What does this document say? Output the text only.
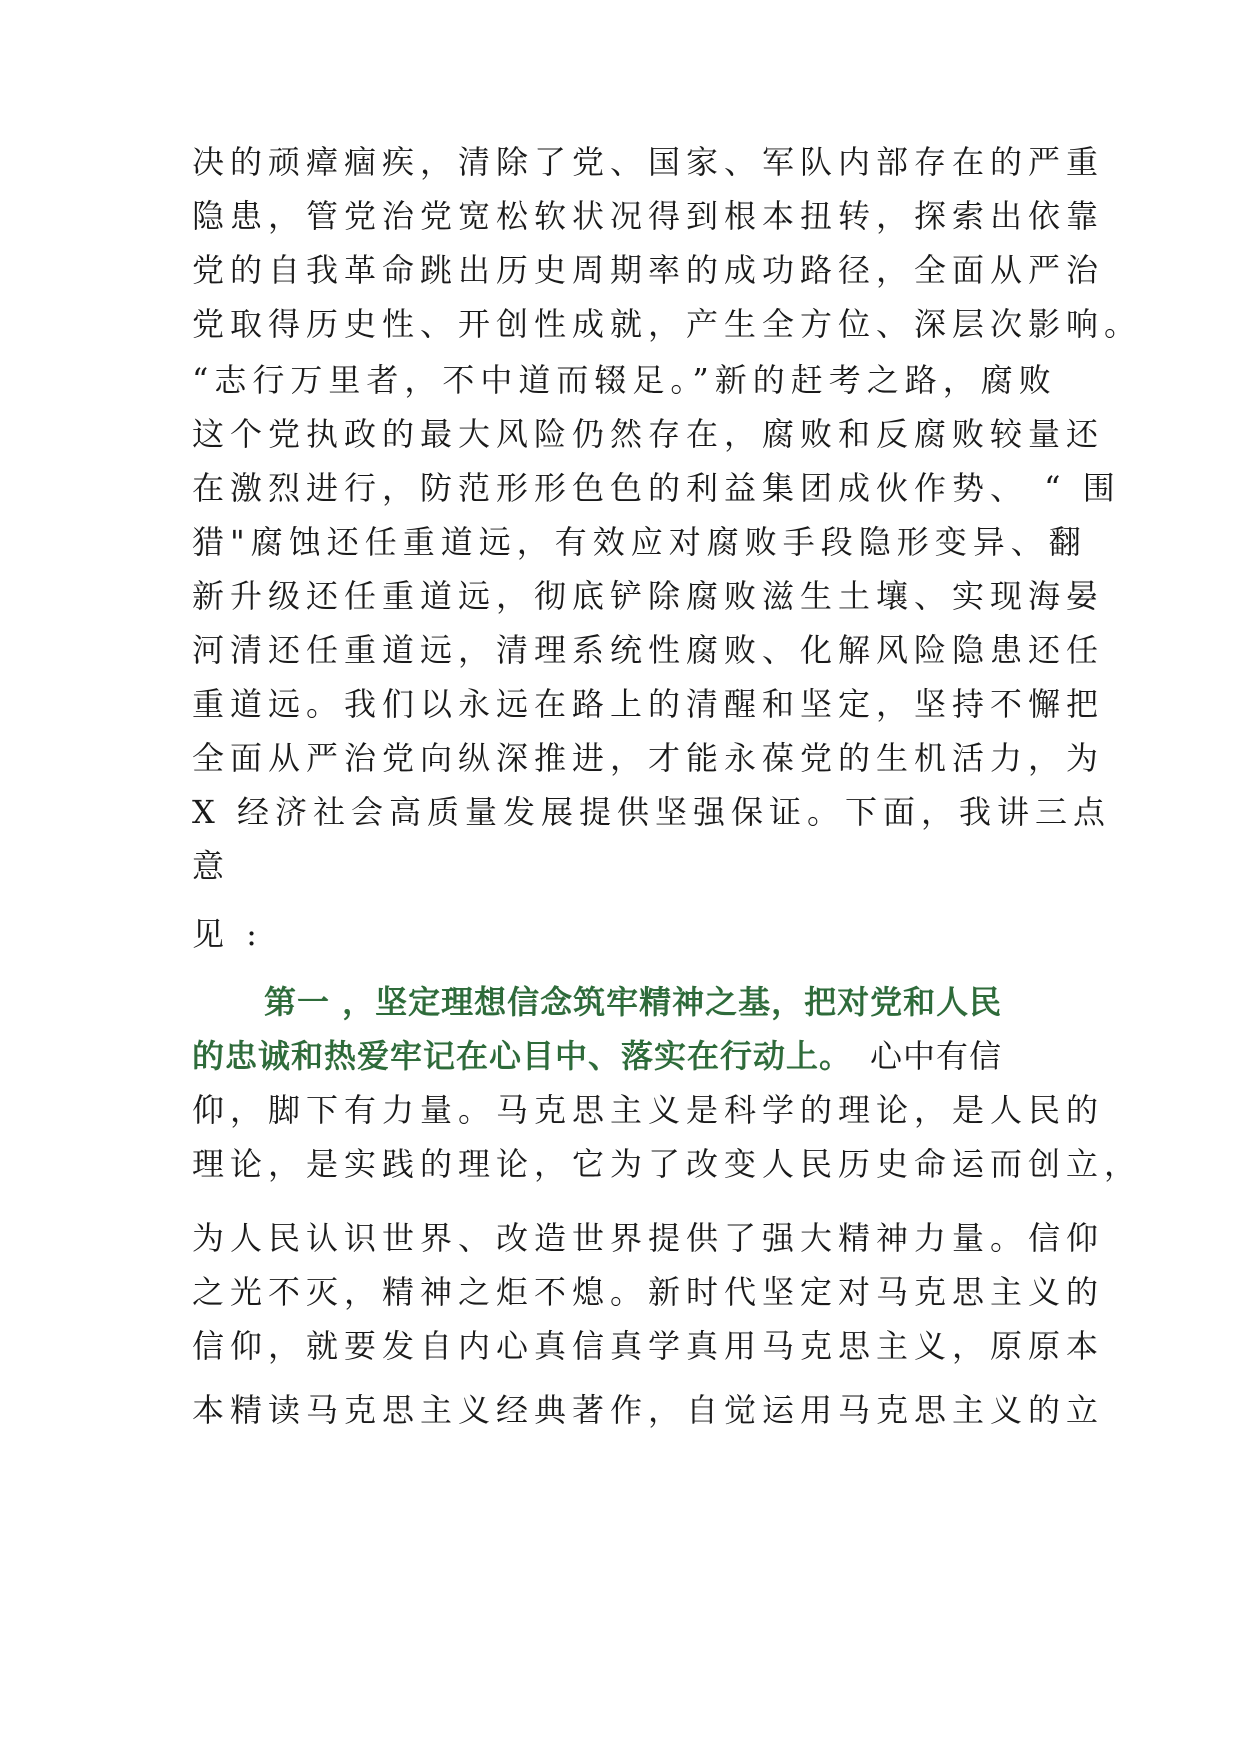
决的顽瘴痼疾，清除了党、国家、军队内部存在的严重
隐患，管党治党宽松软状况得到根本扭转，探索出依靠
党的自我革命跳出历史周期率的成功路径，全面从严治
党取得历史性、开创性成就，产生全方位、深层次影响。
“志行万里者，不中道而辍足。”新的赶考之路，腐败
这个党执政的最大风险仍然存在，腐败和反腐败较量还
在激烈进行，防范形形色色的利益集团成伙作势、 “ 围
猎"腐蚀还任重道远，有效应对腐败手段隐形变异、翻
新升级还任重道远，彻底铲除腐败滋生土壤、实现海晏
河清还任重道远，清理系统性腐败、化解风险隐患还任
重道远。我们以永远在路上的清醒和坚定，坚持不懈把
全面从严治党向纵深推进，才能永葆党的生机活力，为
X 经济社会高质量发展提供坚强保证。下面，我讲三点
意
见 :
第一 ，坚定理想信念筑牢精神之基，把对党和人民
的忠诚和热爱牢记在心目中、落实在行动上。 心中有信
仰，脚下有力量。马克思主义是科学的理论，是人民的
理论，是实践的理论，它为了改变人民历史命运而创立，
为人民认识世界、改造世界提供了强大精神力量。信仰
之光不灭，精神之炬不熄。新时代坚定对马克思主义的
信仰，就要发自内心真信真学真用马克思主义，原原本
本精读马克思主义经典著作，自觉运用马克思主义的立
